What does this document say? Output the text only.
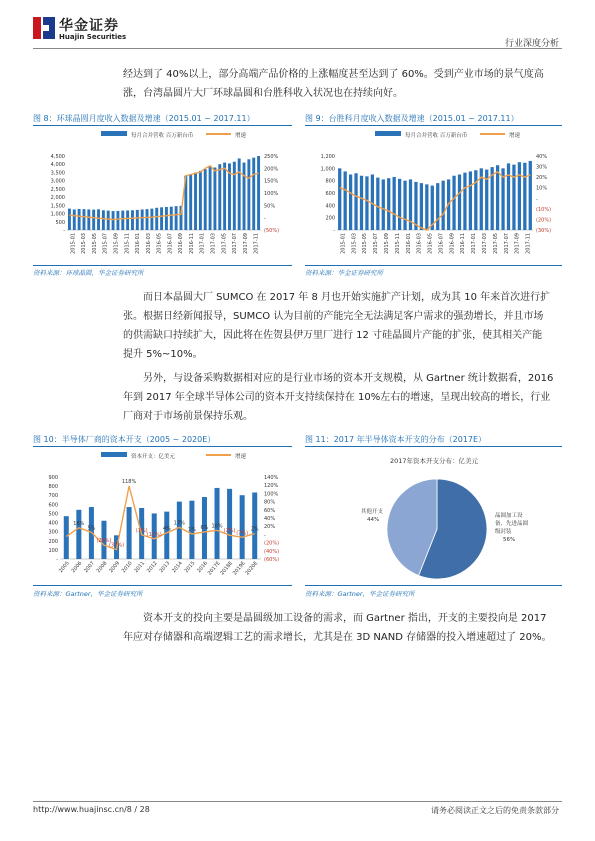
华金证券
Huajin Securities
行业深度分析
经达到了 40%以上，部分高端产品价格的上涨幅度甚至达到了 60%。受到产业市场的景气度高
涨，台湾晶圆片大厂环球晶圆和台胜科收入状况也在持续向好。
图 8：环球晶圆月度收入数据及增速（2015.01 ~ 2017.11）
每月合并营收 百万新台币	增速
4,500
4,000
3,500
3,000
2,500
2,000
1,500
1,000
500
-
250%
200%
150%
100%
50%
-
(50%)
2015-01 2015-03 2015-05 2015-07 2015-09 2015-11 2016-01 2016-03 2016-05 2016-07 2016-09 2016-11 2017-01 2017-03 2017-05 2017-07 2017-09 2017-11
资料来源：环球晶圆，华金证券研究所
图 9：台胜科月度收入数据及增速（2015.01 ~ 2017.11）
每月合并营收 百万新台币	增速
1,200
1,000
800
600
400
200
-
40%
30%
20%
10%
-
(10%)
(20%)
(30%)
2015-01 2015-03 2015-05 2015-07 2015-09 2015-11 2016-01 2016-03 2016-05 2016-07 2016-09 2016-11 2017-01 2017-03 2017-05 2017-07 2017-09 2017-11
资料来源：华金证券研究所
而日本晶圆大厂 SUMCO 在 2017 年 8 月也开始实施扩产计划，成为其 10 年来首次进行扩
张。根据日经新闻报导，SUMCO 认为目前的产能完全无法满足客户需求的强劲增长，并且市场
的供需缺口持续扩大，因此将在佐贺县伊万里厂进行 12 寸硅晶圆片产能的扩张，使其相关产能
提升 5%~10%。
另外，与设备采购数据相对应的是行业市场的资本开支规模，从 Gartner 统计数据看，2016
年到 2017 年全球半导体公司的资本开支持续保持在 10%左右的增速，呈现出较高的增长，行业
厂商对于市场前景保持乐观。
图 10：半导体厂商的资本开支（2005 ~ 2020E）
资本开支：亿美元	增速
900
800
700
600
500
400
300
200
100
-
140%
120%
100%
80%
60%
40%
20%
-
(20%)
(40%)
(60%)
2005 2006 2007 2008 2009 2010 2011 2012 2013 2014 2015 2016
2017E
2018E
2019E
2020E
16%
5%
(26%)
(37%)
118%
(1%)
(11%)
4%
17%
1% 6% 10%
(2%) (7%)
2%
资料来源：Gartner，华金证券研究所
图 11：2017 年半导体资本开支的分布（2017E）
2017年资本开支分布：亿美元
晶圆加工设
备、先进晶圆
级封装
56%
其他开支
44%
资料来源：Gartner，华金证券研究所
资本开支的投向主要是晶圆级加工设备的需求，而 Gartner 指出，开支的主要投向是 2017
年应对存储器和高端逻辑工艺的需求增长，尤其是在 3D NAND 存储器的投入增速超过了 20%。
http://www.huajinsc.cn/8 / 28	请务必阅读正文之后的免责条款部分
